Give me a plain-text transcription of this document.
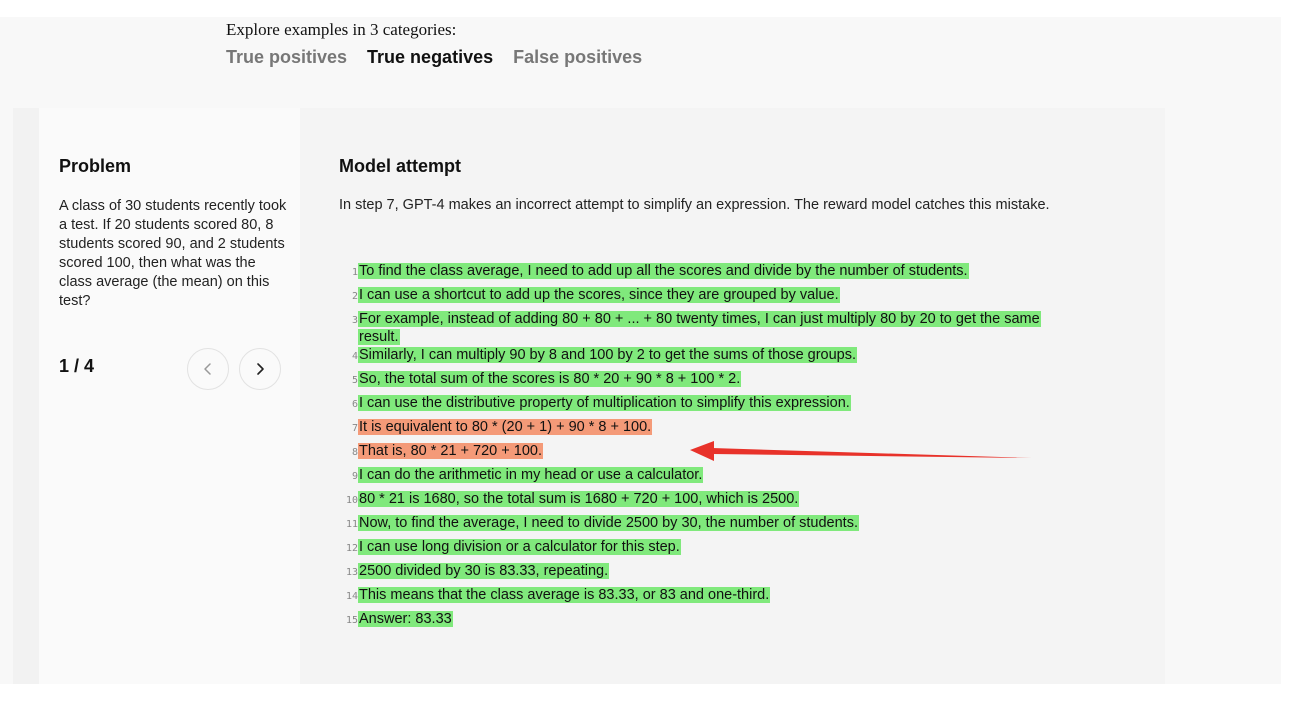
Explore examples in 3 categories:
True positives True negatives False positives
Problem
A class of 30 students recently took a test. If 20 students scored 80, 8 students scored 90, and 2 students scored 100, then what was the class average (the mean) on this test?
1 / 4
Model attempt
In step 7, GPT-4 makes an incorrect attempt to simplify an expression. The reward model catches this mistake.
1 To find the class average, I need to add up all the scores and divide by the number of students.
2 I can use a shortcut to add up the scores, since they are grouped by value.
3 For example, instead of adding 80 + 80 + ... + 80 twenty times, I can just multiply 80 by 20 to get the same result.
4 Similarly, I can multiply 90 by 8 and 100 by 2 to get the sums of those groups.
5 So, the total sum of the scores is 80 * 20 + 90 * 8 + 100 * 2.
6 I can use the distributive property of multiplication to simplify this expression.
7 It is equivalent to 80 * (20 + 1) + 90 * 8 + 100.
8 That is, 80 * 21 + 720 + 100.
9 I can do the arithmetic in my head or use a calculator.
10 80 * 21 is 1680, so the total sum is 1680 + 720 + 100, which is 2500.
11 Now, to find the average, I need to divide 2500 by 30, the number of students.
12 I can use long division or a calculator for this step.
13 2500 divided by 30 is 83.33, repeating.
14 This means that the class average is 83.33, or 83 and one-third.
15 Answer: 83.33
